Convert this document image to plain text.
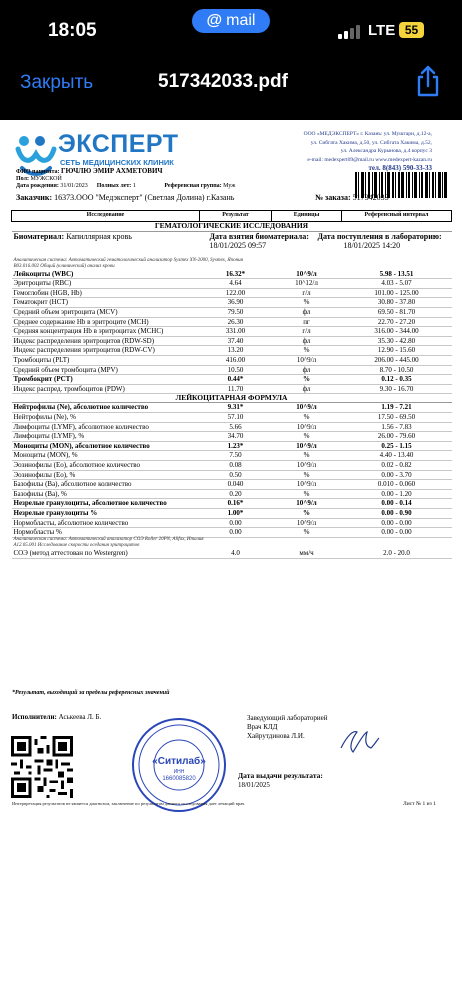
18:05	@ mail
LTE 55
Закрыть	517342033.pdf
ЭКСПЕРТ
СЕТЬ МЕДИЦИНСКИХ КЛИНИК
ООО «МЕДЭКСПЕРТ» г. Казань: ул. Мушгари, д.12-а,
ул. Сибгата Хакима, д.50, ул. Сибгата Хакима, д.52,
ул. Александра Курынова, д.4 корпус 3
e-mail: medexpert09@mail.ru www.medexpert-kazan.ru
тел. 8(843) 590-33-33
ФИО пациента: ГЮЧЛЮ ЭМИР АХМЕТОВИЧ
Пол: МУЖСКОЙ
Дата рождения: 31/01/2023 Полных лет: 1	Референсная группа: Муж
Заказчик: 16373.ООО "Медэксперт" (Светлая Долина) г.Казань	№ заказа: 517342033
Исследование	Результат	Единицы	Референсный интервал
ГЕМАТОЛОГИЧЕСКИЕ ИССЛЕДОВАНИЯ			
Биоматериал: Капиллярная кровь	Дата взятия биоматериала:		Дата поступления в лабораторию:
	18/01/2025 09:57		18/01/2025 14:20

Аналитическая система: Автоматический гематологический анализатор Sysmex XN-2000, Sysmex, Япония			
B03.016.002 Общий (клинический) анализ крови			
Лейкоциты (WBC)	16.32*	10^9/л	5.98 - 13.51
Эритроциты (RBC)	4.64	10^12/л	4.03 - 5.07
Гемоглобин (HGB, Hb)	122.00	г/л	101.00 - 125.00
Гематокрит (HCT)	36.90	%	30.80 - 37.80
Средний объем эритроцита (MCV)	79.50	фл	69.50 - 81.70
Среднее содержание Hb в эритроците (MCH)	26.30	пг	22.70 - 27.20
Средняя концентрация Hb в эритроцитах (MCHC)	331.00	г/л	316.00 - 344.00
Индекс распределения эритроцитов (RDW-SD)	37.40	фл	35.30 - 42.80
Индекс распределения эритроцитов (RDW-CV)	13.20	%	12.90 - 15.60
Тромбоциты (PLT)	416.00	10^9/л	206.00 - 445.00
Средний объем тромбоцита (MPV)	10.50	фл	8.70 - 10.50
Тромбокрит (PCT)	0.44*	%	0.12 - 0.35
Индекс распред. тромбоцитов (PDW)	11.70	фл	9.30 - 16.70

ЛЕЙКОЦИТАРНАЯ ФОРМУЛА			
Нейтрофилы (Ne), абсолютное количество	9.31*	10^9/л	1.19 - 7.21
Нейтрофилы (Ne), %	57.10	%	17.50 - 69.50
Лимфоциты (LYMF), абсолютное количество	5.66	10^9/л	1.56 - 7.83
Лимфоциты (LYMF), %	34.70	%	26.00 - 79.60
Моноциты (MON), абсолютное количество	1.23*	10^9/л	0.25 - 1.15
Моноциты (MON), %	7.50	%	4.40 - 13.40
Эозинофилы (Eo), абсолютное количество	0.08	10^9/л	0.02 - 0.82
Эозинофилы (Eo), %	0.50	%	0.00 - 3.70
Базофилы (Ba), абсолютное количество	0.040	10^9/л	0.010 - 0.060
Базофилы (Ba), %	0.20	%	0.00 - 1.20
Незрелые гранулоциты, абсолютное количество	0.16*	10^9/л	0.00 - 0.14
Незрелые гранулоциты %	1.00*	%	0.00 - 0.90
Нормобласты, абсолютное количество	0.00	10^9/л	0.00 - 0.00
Нормобласты %	0.00	%	0.00 - 0.00

Аналитическая система: Автоматический анализатор СОЭ Roller 20PN, Alifax, Италия			
A12.05.001 Исследование скорости оседания эритроцитов			
СОЭ (метод аттестован по Westergren)	4.0	мм/ч	2.0 - 20.0

*Результат, выходящий за пределы референсных значений
Исполнители: Аськеева Л. Б.	Заведующий лабораторией
Врач КЛД
Хайрутдинова Л.И.
«Ситилаб»
ИНН
1660085820	Дата выдачи результата:
18/01/2025
Интерпретация результатов не является диагнозом, заключение по результатам данного исследования дает лечащий врач.	Лист № 1 из 1
